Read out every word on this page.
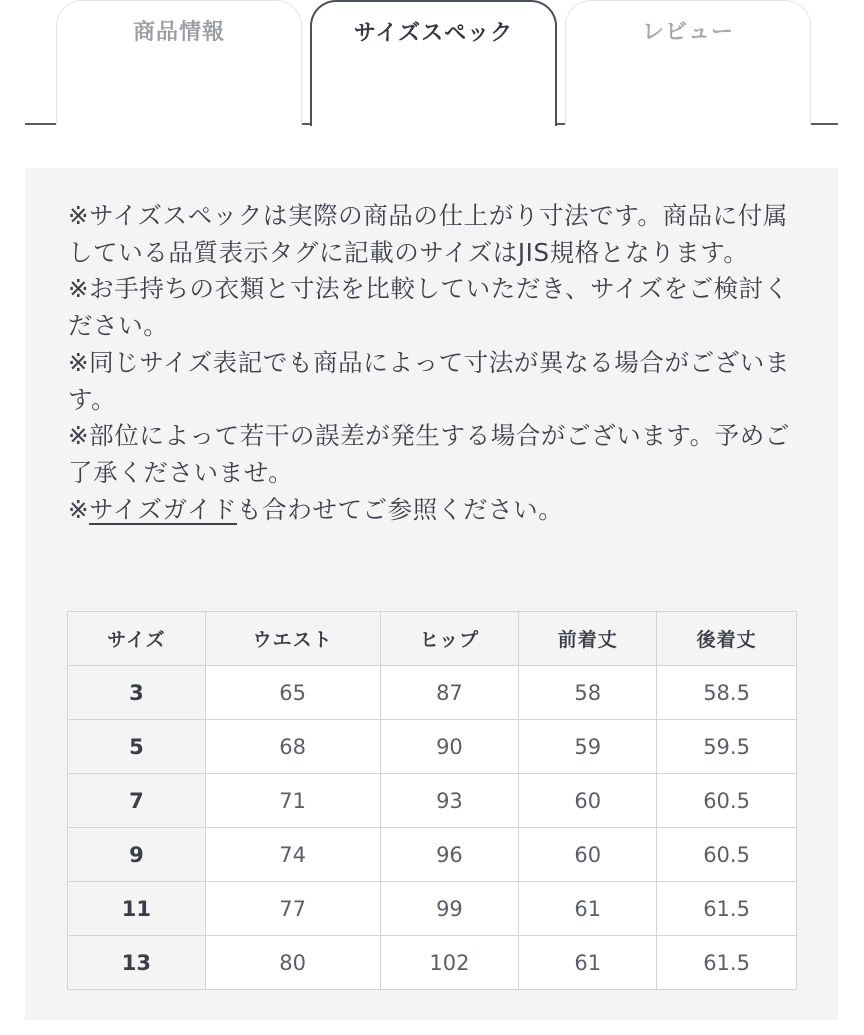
商品情報	サイズスペック	レビュー

※サイズスペックは実際の商品の仕上がり寸法です。商品に付属している品質表示タグに記載のサイズはJIS規格となります。

※お手持ちの衣類と寸法を比較していただき、サイズをご検討ください。

※同じサイズ表記でも商品によって寸法が異なる場合がございます。

※部位によって若干の誤差が発生する場合がございます。予めご了承くださいませ。

※サイズガイドも合わせてご参照ください。

サイズ	ウエスト	ヒップ	前着丈	後着丈
3	65	87	58	58.5
5	68	90	59	59.5
7	71	93	60	60.5
9	74	96	60	60.5
11	77	99	61	61.5
13	80	102	61	61.5
